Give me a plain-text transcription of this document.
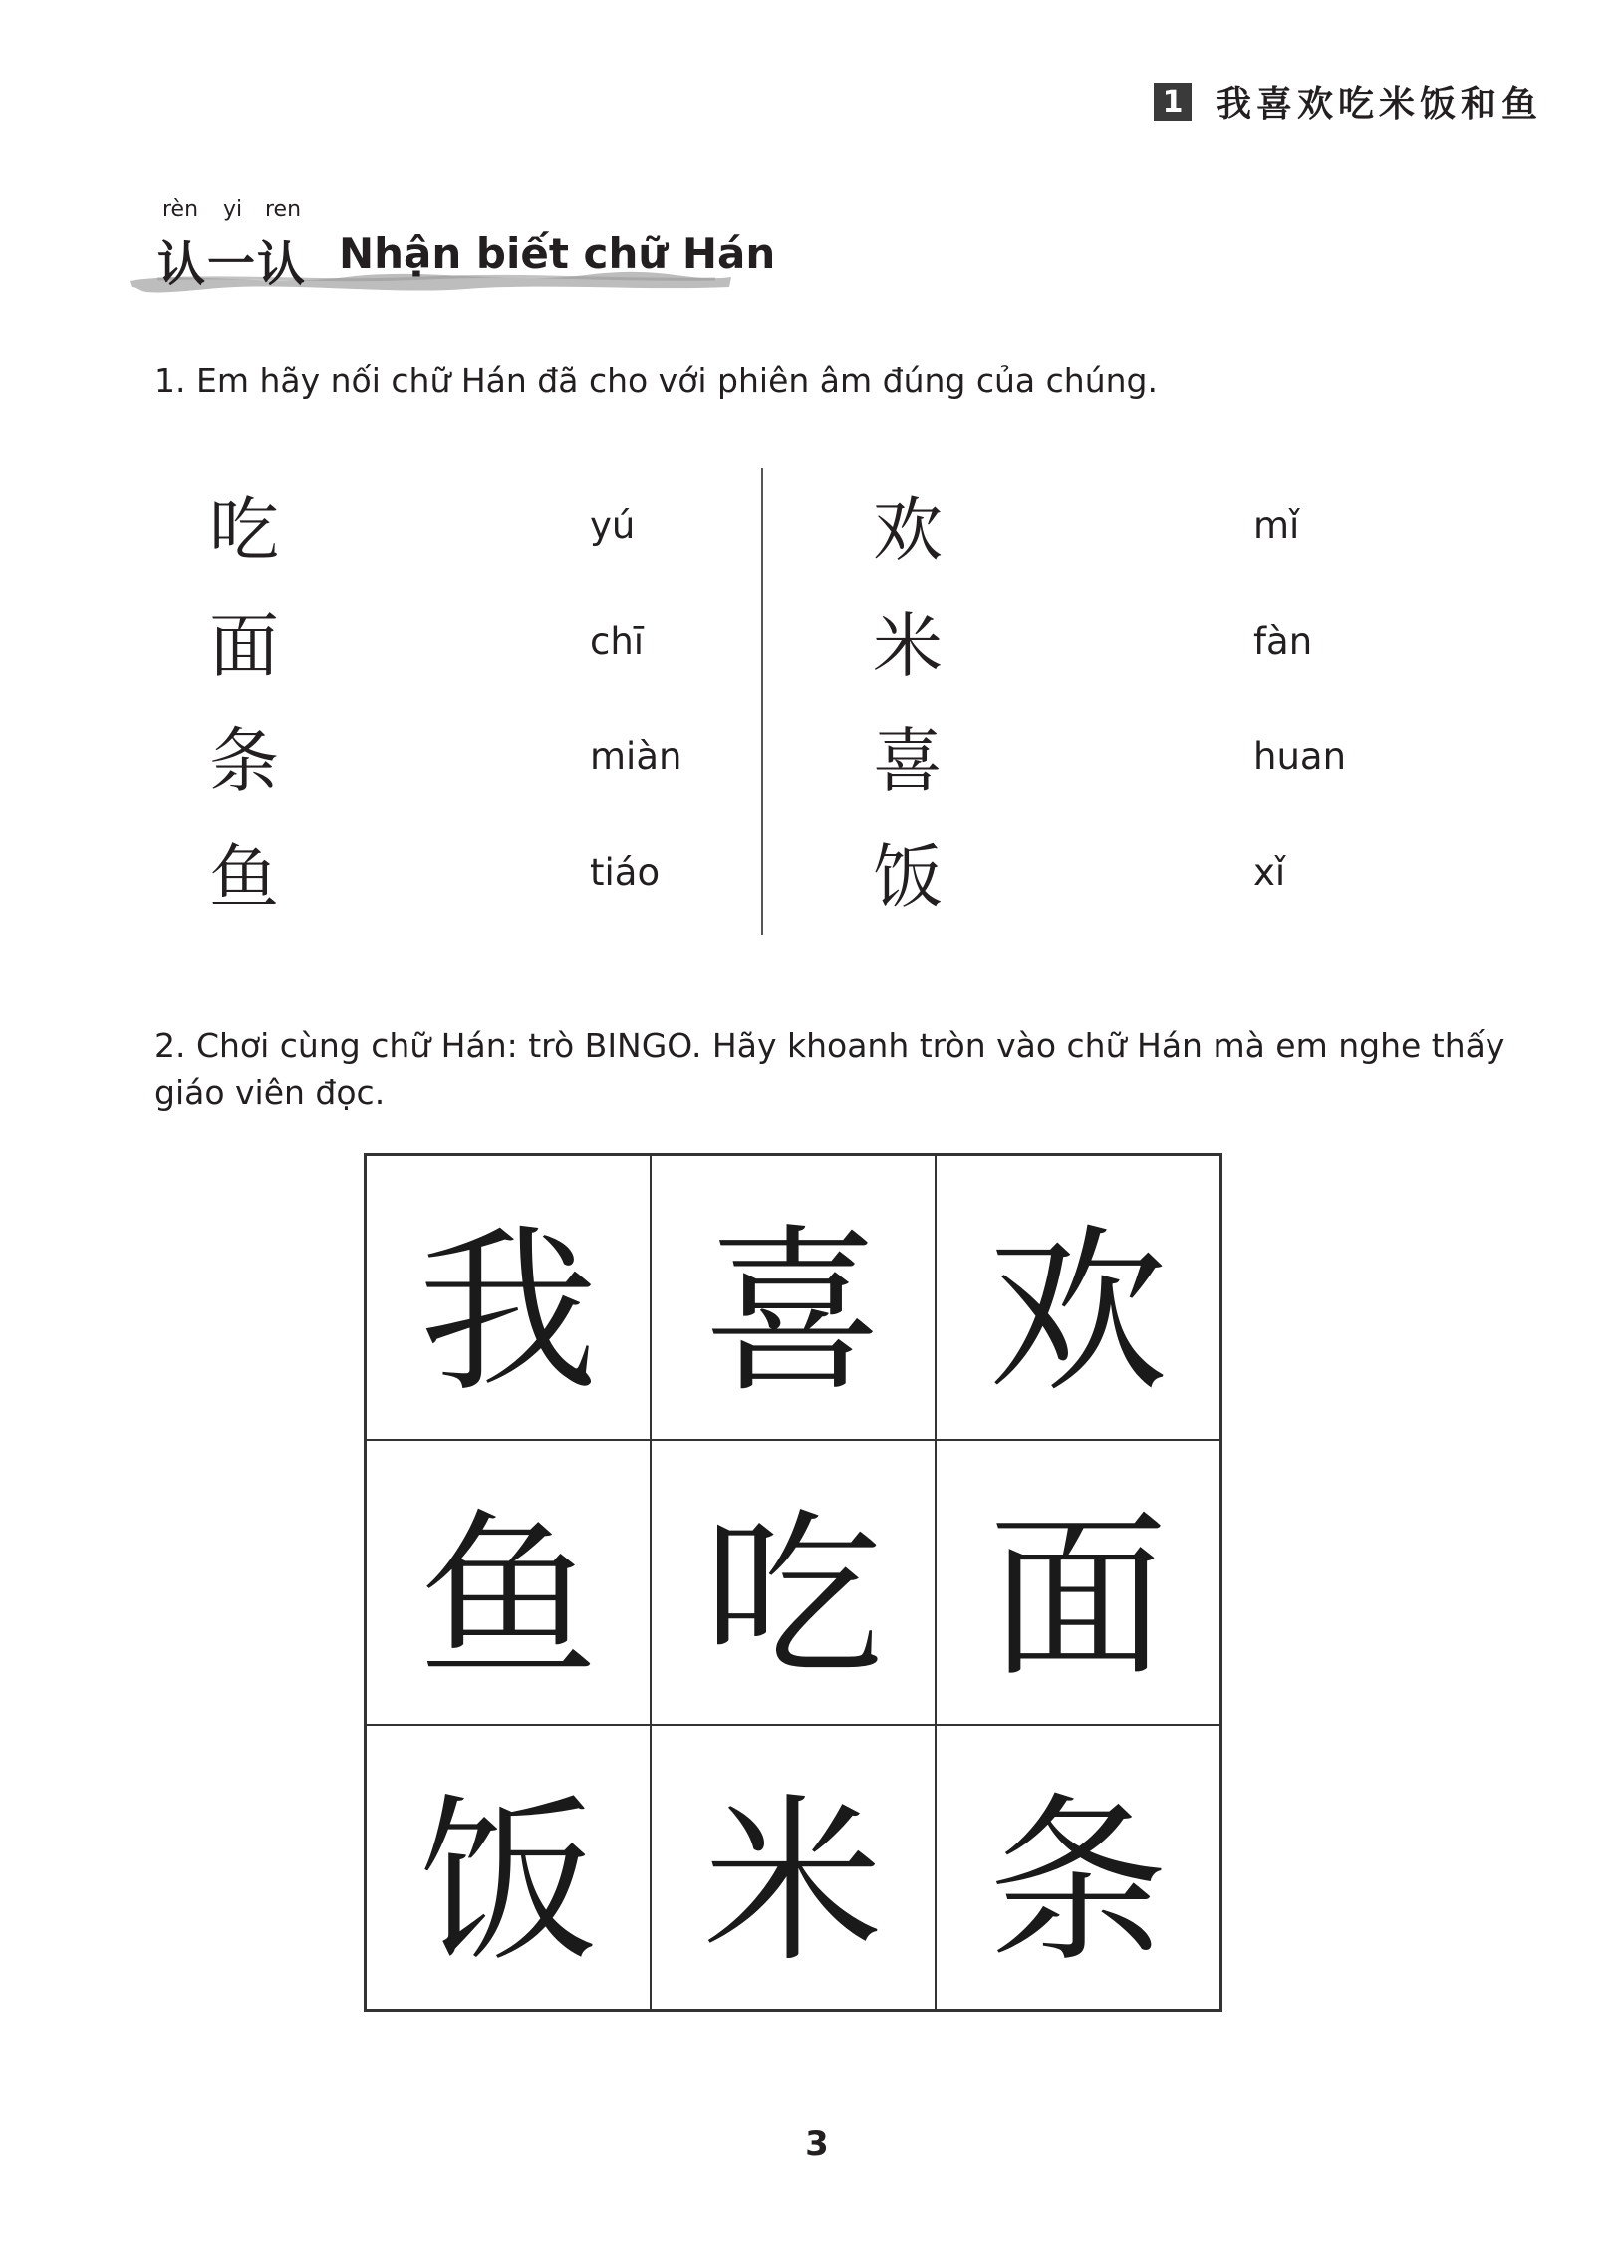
1 我喜欢吃米饭和鱼
rèn yi ren
认一认 Nhận biết chữ Hán
1. Em hãy nối chữ Hán đã cho với phiên âm đúng của chúng.
吃
面
条
鱼
yú
chī
miàn
tiáo
欢
米
喜
饭
mǐ
fàn
huan
xǐ
2. Chơi cùng chữ Hán: trò BINGO. Hãy khoanh tròn vào chữ Hán mà em nghe thấy
giáo viên đọc.
我 喜 欢
鱼 吃 面
饭 米 条
3
